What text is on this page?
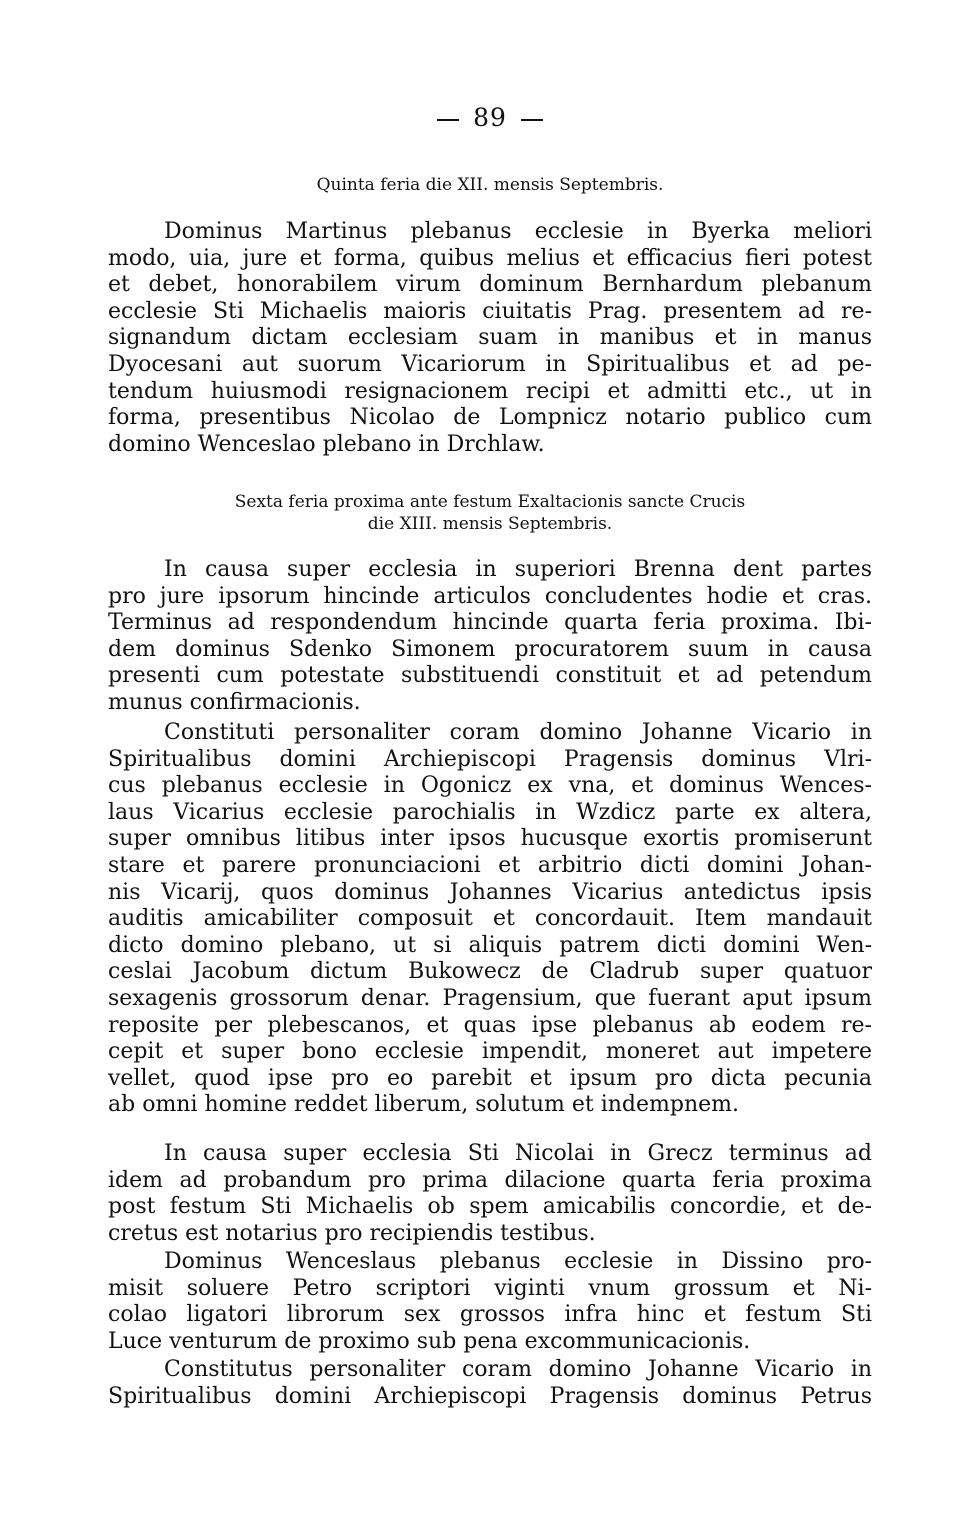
89
Quinta feria die XII. mensis Septembris.
Dominus Martinus plebanus ecclesie in Byerka meliori
modo, uia, jure et forma, quibus melius et efficacius fieri potest
et debet, honorabilem virum dominum Bernhardum plebanum
ecclesie Sti Michaelis maioris ciuitatis Prag. presentem ad re-
signandum dictam ecclesiam suam in manibus et in manus
Dyocesani aut suorum Vicariorum in Spiritualibus et ad pe-
tendum huiusmodi resignacionem recipi et admitti etc., ut in
forma, presentibus Nicolao de Lompnicz notario publico cum
domino Wenceslao plebano in Drchlaw.
Sexta feria proxima ante festum Exaltacionis sancte Crucis
die XIII. mensis Septembris.
In causa super ecclesia in superiori Brenna dent partes
pro jure ipsorum hincinde articulos concludentes hodie et cras.
Terminus ad respondendum hincinde quarta feria proxima. Ibi-
dem dominus Sdenko Simonem procuratorem suum in causa
presenti cum potestate substituendi constituit et ad petendum
munus confirmacionis.
Constituti personaliter coram domino Johanne Vicario in
Spiritualibus domini Archiepiscopi Pragensis dominus Vlri-
cus plebanus ecclesie in Ogonicz ex vna, et dominus Wences-
laus Vicarius ecclesie parochialis in Wzdicz parte ex altera,
super omnibus litibus inter ipsos hucusque exortis promiserunt
stare et parere pronunciacioni et arbitrio dicti domini Johan-
nis Vicarij, quos dominus Johannes Vicarius antedictus ipsis
auditis amicabiliter composuit et concordauit. Item mandauit
dicto domino plebano, ut si aliquis patrem dicti domini Wen-
ceslai Jacobum dictum Bukowecz de Cladrub super quatuor
sexagenis grossorum denar. Pragensium, que fuerant aput ipsum
reposite per plebescanos, et quas ipse plebanus ab eodem re-
cepit et super bono ecclesie impendit, moneret aut impetere
vellet, quod ipse pro eo parebit et ipsum pro dicta pecunia
ab omni homine reddet liberum, solutum et indempnem.
In causa super ecclesia Sti Nicolai in Grecz terminus ad
idem ad probandum pro prima dilacione quarta feria proxima
post festum Sti Michaelis ob spem amicabilis concordie, et de-
cretus est notarius pro recipiendis testibus.
Dominus Wenceslaus plebanus ecclesie in Dissino pro-
misit soluere Petro scriptori viginti vnum grossum et Ni-
colao ligatori librorum sex grossos infra hinc et festum Sti
Luce venturum de proximo sub pena excommunicacionis.
Constitutus personaliter coram domino Johanne Vicario in
Spiritualibus domini Archiepiscopi Pragensis dominus Petrus
